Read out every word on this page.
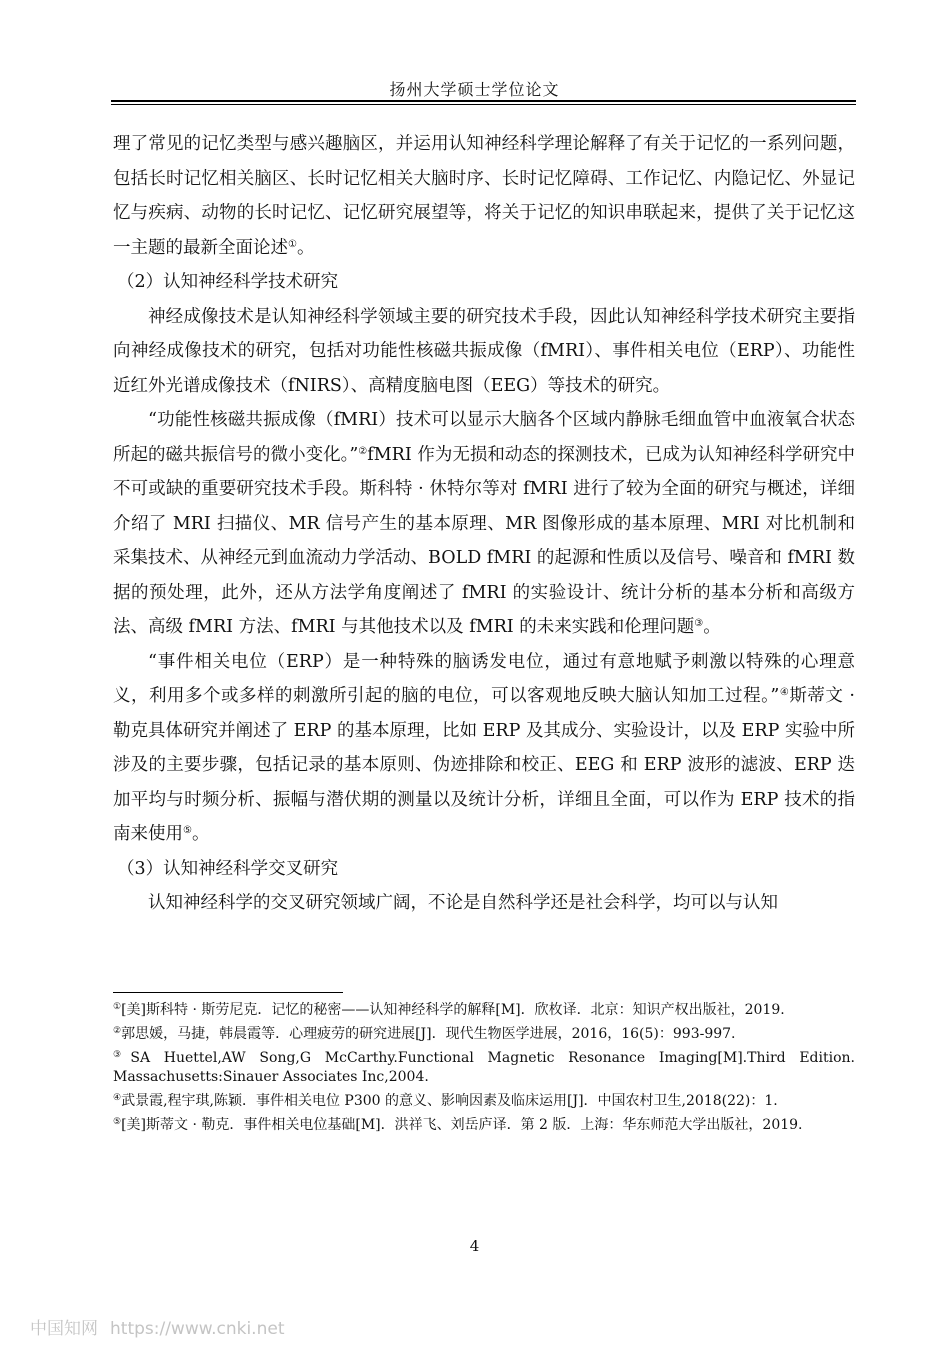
扬州大学硕士学位论文

理了常见的记忆类型与感兴趣脑区，并运用认知神经科学理论解释了有关于记忆的一系列问题，包括长时记忆相关脑区、长时记忆相关大脑时序、长时记忆障碍、工作记忆、内隐记忆、外显记忆与疾病、动物的长时记忆、记忆研究展望等，将关于记忆的知识串联起来，提供了关于记忆这一主题的最新全面论述①。

（2）认知神经科学技术研究

神经成像技术是认知神经科学领域主要的研究技术手段，因此认知神经科学技术研究主要指向神经成像技术的研究，包括对功能性核磁共振成像（fMRI）、事件相关电位（ERP）、功能性近红外光谱成像技术（fNIRS）、高精度脑电图（EEG）等技术的研究。

“功能性核磁共振成像（fMRI）技术可以显示大脑各个区域内静脉毛细血管中血液氧合状态所起的磁共振信号的微小变化。”②fMRI 作为无损和动态的探测技术，已成为认知神经科学研究中不可或缺的重要研究技术手段。斯科特 · 休特尔等对 fMRI 进行了较为全面的研究与概述，详细介绍了 MRI 扫描仪、MR 信号产生的基本原理、MR 图像形成的基本原理、MRI 对比机制和采集技术、从神经元到血流动力学活动、BOLD fMRI 的起源和性质以及信号、噪音和 fMRI 数据的预处理，此外，还从方法学角度阐述了 fMRI 的实验设计、统计分析的基本分析和高级方法、高级 fMRI 方法、fMRI 与其他技术以及 fMRI 的未来实践和伦理问题③。

“事件相关电位（ERP）是一种特殊的脑诱发电位，通过有意地赋予刺激以特殊的心理意义，利用多个或多样的刺激所引起的脑的电位，可以客观地反映大脑认知加工过程。”④斯蒂文 · 勒克具体研究并阐述了 ERP 的基本原理，比如 ERP 及其成分、实验设计，以及 ERP 实验中所涉及的主要步骤，包括记录的基本原则、伪迹排除和校正、EEG 和 ERP 波形的滤波、ERP 迭加平均与时频分析、振幅与潜伏期的测量以及统计分析，详细且全面，可以作为 ERP 技术的指南来使用⑤。

（3）认知神经科学交叉研究

认知神经科学的交叉研究领域广阔，不论是自然科学还是社会科学，均可以与认知

①[美]斯科特 · 斯劳尼克．记忆的秘密——认知神经科学的解释[M]．欣枚译．北京：知识产权出版社，2019.

②郭思媛，马捷，韩晨霞等．心理疲劳的研究进展[J]．现代生物医学进展，2016，16(5)：993-997.

③SA Huettel,AW Song,G McCarthy.Functional Magnetic Resonance Imaging[M].Third Edition. Massachusetts:Sinauer Associates Inc,2004.

④武景霞,程宇琪,陈颖．事件相关电位 P300 的意义、影响因素及临床运用[J]．中国农村卫生,2018(22)：1.

⑤[美]斯蒂文 · 勒克．事件相关电位基础[M]．洪祥飞、刘岳庐译．第 2 版．上海：华东师范大学出版社，2019.

4
中国知网 https://www.cnki.net
